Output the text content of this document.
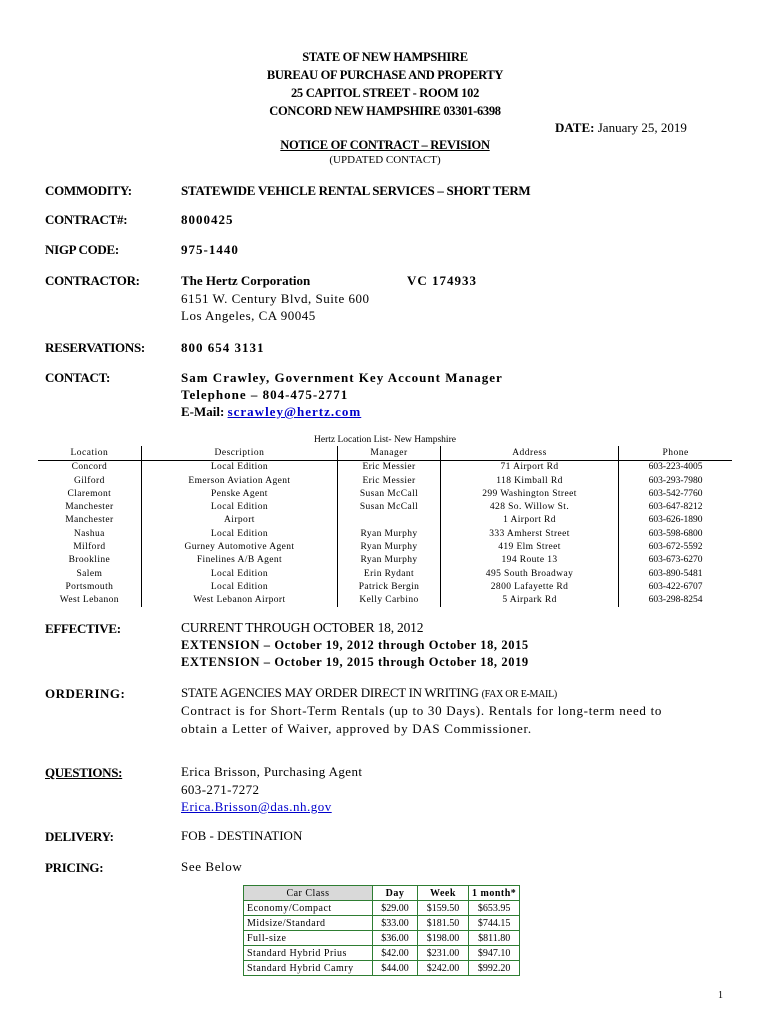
STATE OF NEW HAMPSHIRE
BUREAU OF PURCHASE AND PROPERTY
25 CAPITOL STREET - ROOM 102
CONCORD NEW HAMPSHIRE 03301-6398
DATE: January 25, 2019
NOTICE OF CONTRACT – REVISION
(UPDATED CONTACT)
COMMODITY:	STATEWIDE VEHICLE RENTAL SERVICES – SHORT TERM
CONTRACT#:	8000425
NIGP CODE:	975-1440
CONTRACTOR:	The Hertz Corporation	VC 174933
6151 W. Century Blvd, Suite 600
Los Angeles, CA 90045
RESERVATIONS:	800 654 3131
CONTACT:	Sam Crawley, Government Key Account Manager
Telephone – 804-475-2771
E-Mail: scrawley@hertz.com
Hertz Location List- New Hampshire				
Location	Description	Manager	Address	Phone
Concord	Local Edition	Eric Messier	71 Airport Rd	603-223-4005
Gilford	Emerson Aviation Agent	Eric Messier	118 Kimball Rd	603-293-7980
Claremont	Penske Agent	Susan McCall	299 Washington Street	603-542-7760
Manchester	Local Edition	Susan McCall	428 So. Willow St.	603-647-8212
Manchester	Airport		1 Airport Rd	603-626-1890
Nashua	Local Edition	Ryan Murphy	333 Amherst Street	603-598-6800
Milford	Gurney Automotive Agent	Ryan Murphy	419 Elm Street	603-672-5592
Brookline	Finelines A/B Agent	Ryan Murphy	194 Route 13	603-673-6270
Salem	Local Edition	Erin Rydant	495 South Broadway	603-890-5481
Portsmouth	Local Edition	Patrick Bergin	2800 Lafayette Rd	603-422-6707
West Lebanon	West Lebanon Airport	Kelly Carbino	5 Airpark Rd	603-298-8254
EFFECTIVE:	CURRENT THROUGH OCTOBER 18, 2012
EXTENSION – October 19, 2012 through October 18, 2015
EXTENSION – October 19, 2015 through October 18, 2019
ORDERING:	STATE AGENCIES MAY ORDER DIRECT IN WRITING (FAX OR E-MAIL)
Contract is for Short-Term Rentals (up to 30 Days). Rentals for long-term need to
obtain a Letter of Waiver, approved by DAS Commissioner.
QUESTIONS:	Erica Brisson, Purchasing Agent
603-271-7272
Erica.Brisson@das.nh.gov
DELIVERY:	FOB - DESTINATION
PRICING:	See Below
Car Class	Day	Week	1 month*
Economy/Compact	$29.00	$159.50	$653.95
Midsize/Standard	$33.00	$181.50	$744.15
Full-size	$36.00	$198.00	$811.80
Standard Hybrid Prius	$42.00	$231.00	$947.10
Standard Hybrid Camry	$44.00	$242.00	$992.20
1
